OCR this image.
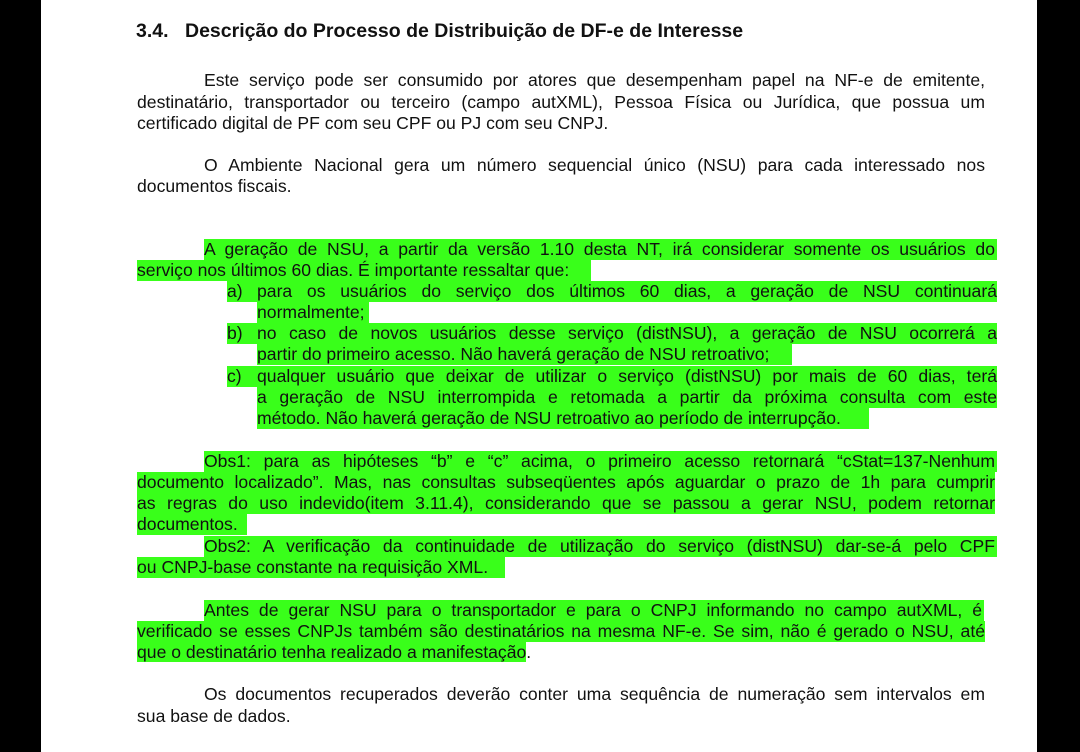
3.4. Descrição do Processo de Distribuição de DF-e de Interesse
Este serviço pode ser consumido por atores que desempenham papel na NF-e de emitente,
destinatário, transportador ou terceiro (campo autXML), Pessoa Física ou Jurídica, que possua um
certificado digital de PF com seu CPF ou PJ com seu CNPJ.
O Ambiente Nacional gera um número sequencial único (NSU) para cada interessado nos
documentos fiscais.
A geração de NSU, a partir da versão 1.10 desta NT, irá considerar somente os usuários do
serviço nos últimos 60 dias. É importante ressaltar que:
a) para os usuários do serviço dos últimos 60 dias, a geração de NSU continuará
normalmente;
b) no caso de novos usuários desse serviço (distNSU), a geração de NSU ocorrerá a
partir do primeiro acesso. Não haverá geração de NSU retroativo;
c) qualquer usuário que deixar de utilizar o serviço (distNSU) por mais de 60 dias, terá
a geração de NSU interrompida e retomada a partir da próxima consulta com este
método. Não haverá geração de NSU retroativo ao período de interrupção.
Obs1: para as hipóteses “b” e “c” acima, o primeiro acesso retornará “cStat=137-Nenhum
documento localizado”. Mas, nas consultas subseqüentes após aguardar o prazo de 1h para cumprir
as regras do uso indevido(item 3.11.4), considerando que se passou a gerar NSU, podem retornar
documentos.
Obs2: A verificação da continuidade de utilização do serviço (distNSU) dar-se-á pelo CPF
ou CNPJ-base constante na requisição XML.
Antes de gerar NSU para o transportador e para o CNPJ informando no campo autXML, é
verificado se esses CNPJs também são destinatários na mesma NF-e. Se sim, não é gerado o NSU, até
que o destinatário tenha realizado a manifestação.
Os documentos recuperados deverão conter uma sequência de numeração sem intervalos em
sua base de dados.
